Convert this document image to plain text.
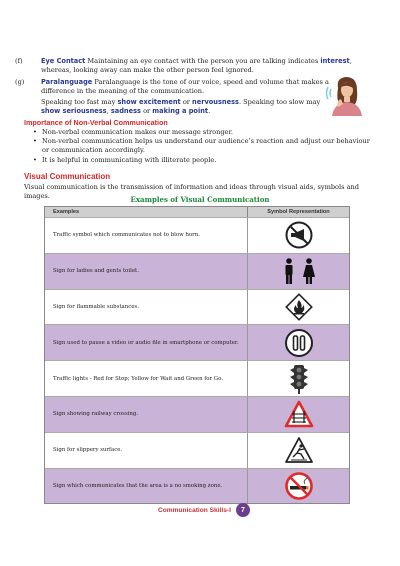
(f)	Eye Contact Maintaining an eye contact with the person you are talking indicates interest, whereas, looking away can make the other person feel ignored.
(g)	Paralanguage Paralanguage is the tone of our voice, speed and volume that makes a difference in the meaning of the communication.
Speaking too fast may show excitement or nervousness. Speaking too slow may show seriousness, sadness or making a point.
Importance of Non-Verbal Communication
• Non-verbal communication makes our message stronger.
• Non-verbal communication helps us understand our audience’s reaction and adjust our behaviour or communication accordingly.
• It is helpful in communicating with illiterate people.
Visual Communication
Visual communication is the transmission of information and ideas through visual aids, symbols and images.	Examples of Visual Communication
Examples	Symbol Representation
Traffic symbol which communicates not to blow horn.
Sign for ladies and gents toilet.
Sign for flammable substances.
Sign used to pause a video or audio file in smartphone or computer.
Traffic lights - Red for Stop; Yellow for Wait and Green for Go.
Sign showing railway crossing.
Sign for slippery surface.
Sign which communicates that the area is a no smoking zone.
Communication Skills-I	7
